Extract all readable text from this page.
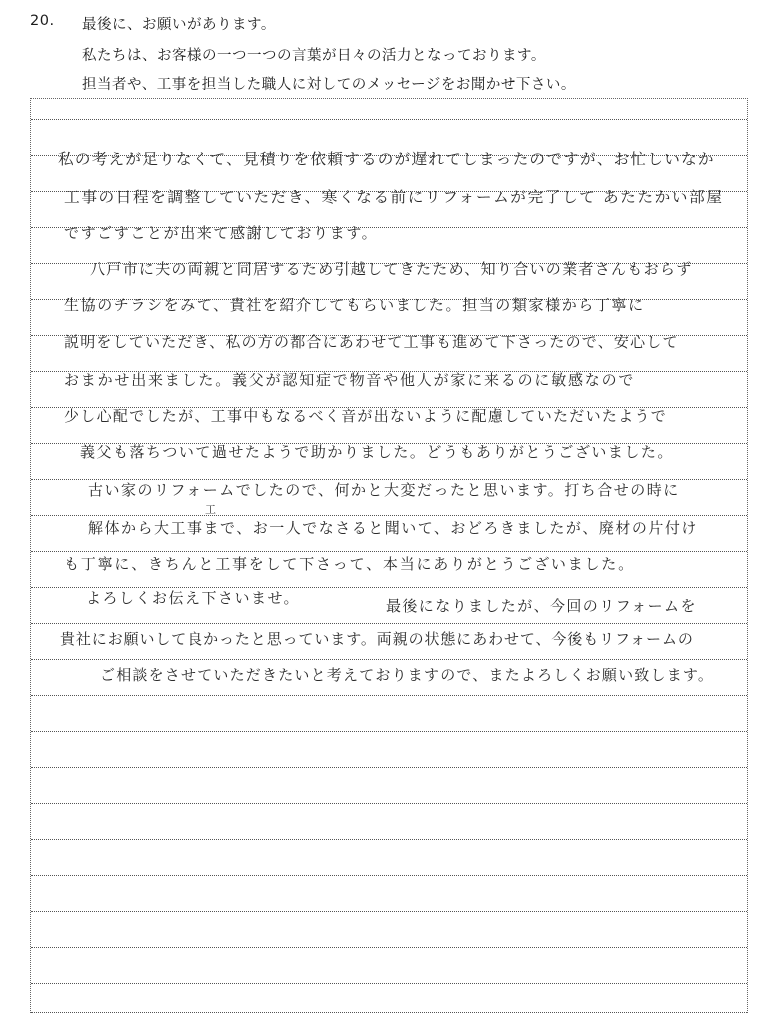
20. 最後に、お願いがあります。
私たちは、お客様の一つ一つの言葉が日々の活力となっております。
担当者や、工事を担当した職人に対してのメッセージをお聞かせ下さい。
私の考えが足りなくて、見積りを依頼するのが遅れてしまったのですが、お忙しいなか
工事の日程を調整していただき、寒くなる前にリフォームが完了して あたたかい部屋
ですごすことが出来て感謝しております。
八戸市に夫の両親と同居するため引越してきたため、知り合いの業者さんもおらず
生協のチラシをみて、貴社を紹介してもらいました。担当の類家様から丁寧に
説明をしていただき、私の方の都合にあわせて工事も進めて下さったので、安心して
おまかせ出来ました。義父が認知症で物音や他人が家に来るのに敏感なので
少し心配でしたが、工事中もなるべく音が出ないように配慮していただいたようで
義父も落ちついて過せたようで助かりました。どうもありがとうございました。
古い家のリフォームでしたので、何かと大変だったと思います。打ち合せの時に
解体から大工事まで、お一人でなさると聞いて、おどろきましたが、廃材の片付け
工
も丁寧に、きちんと工事をして下さって、本当にありがとうございました。
よろしくお伝え下さいませ。	最後になりましたが、今回のリフォームを
貴社にお願いして良かったと思っています。両親の状態にあわせて、今後もリフォームの
ご相談をさせていただきたいと考えておりますので、またよろしくお願い致します。
